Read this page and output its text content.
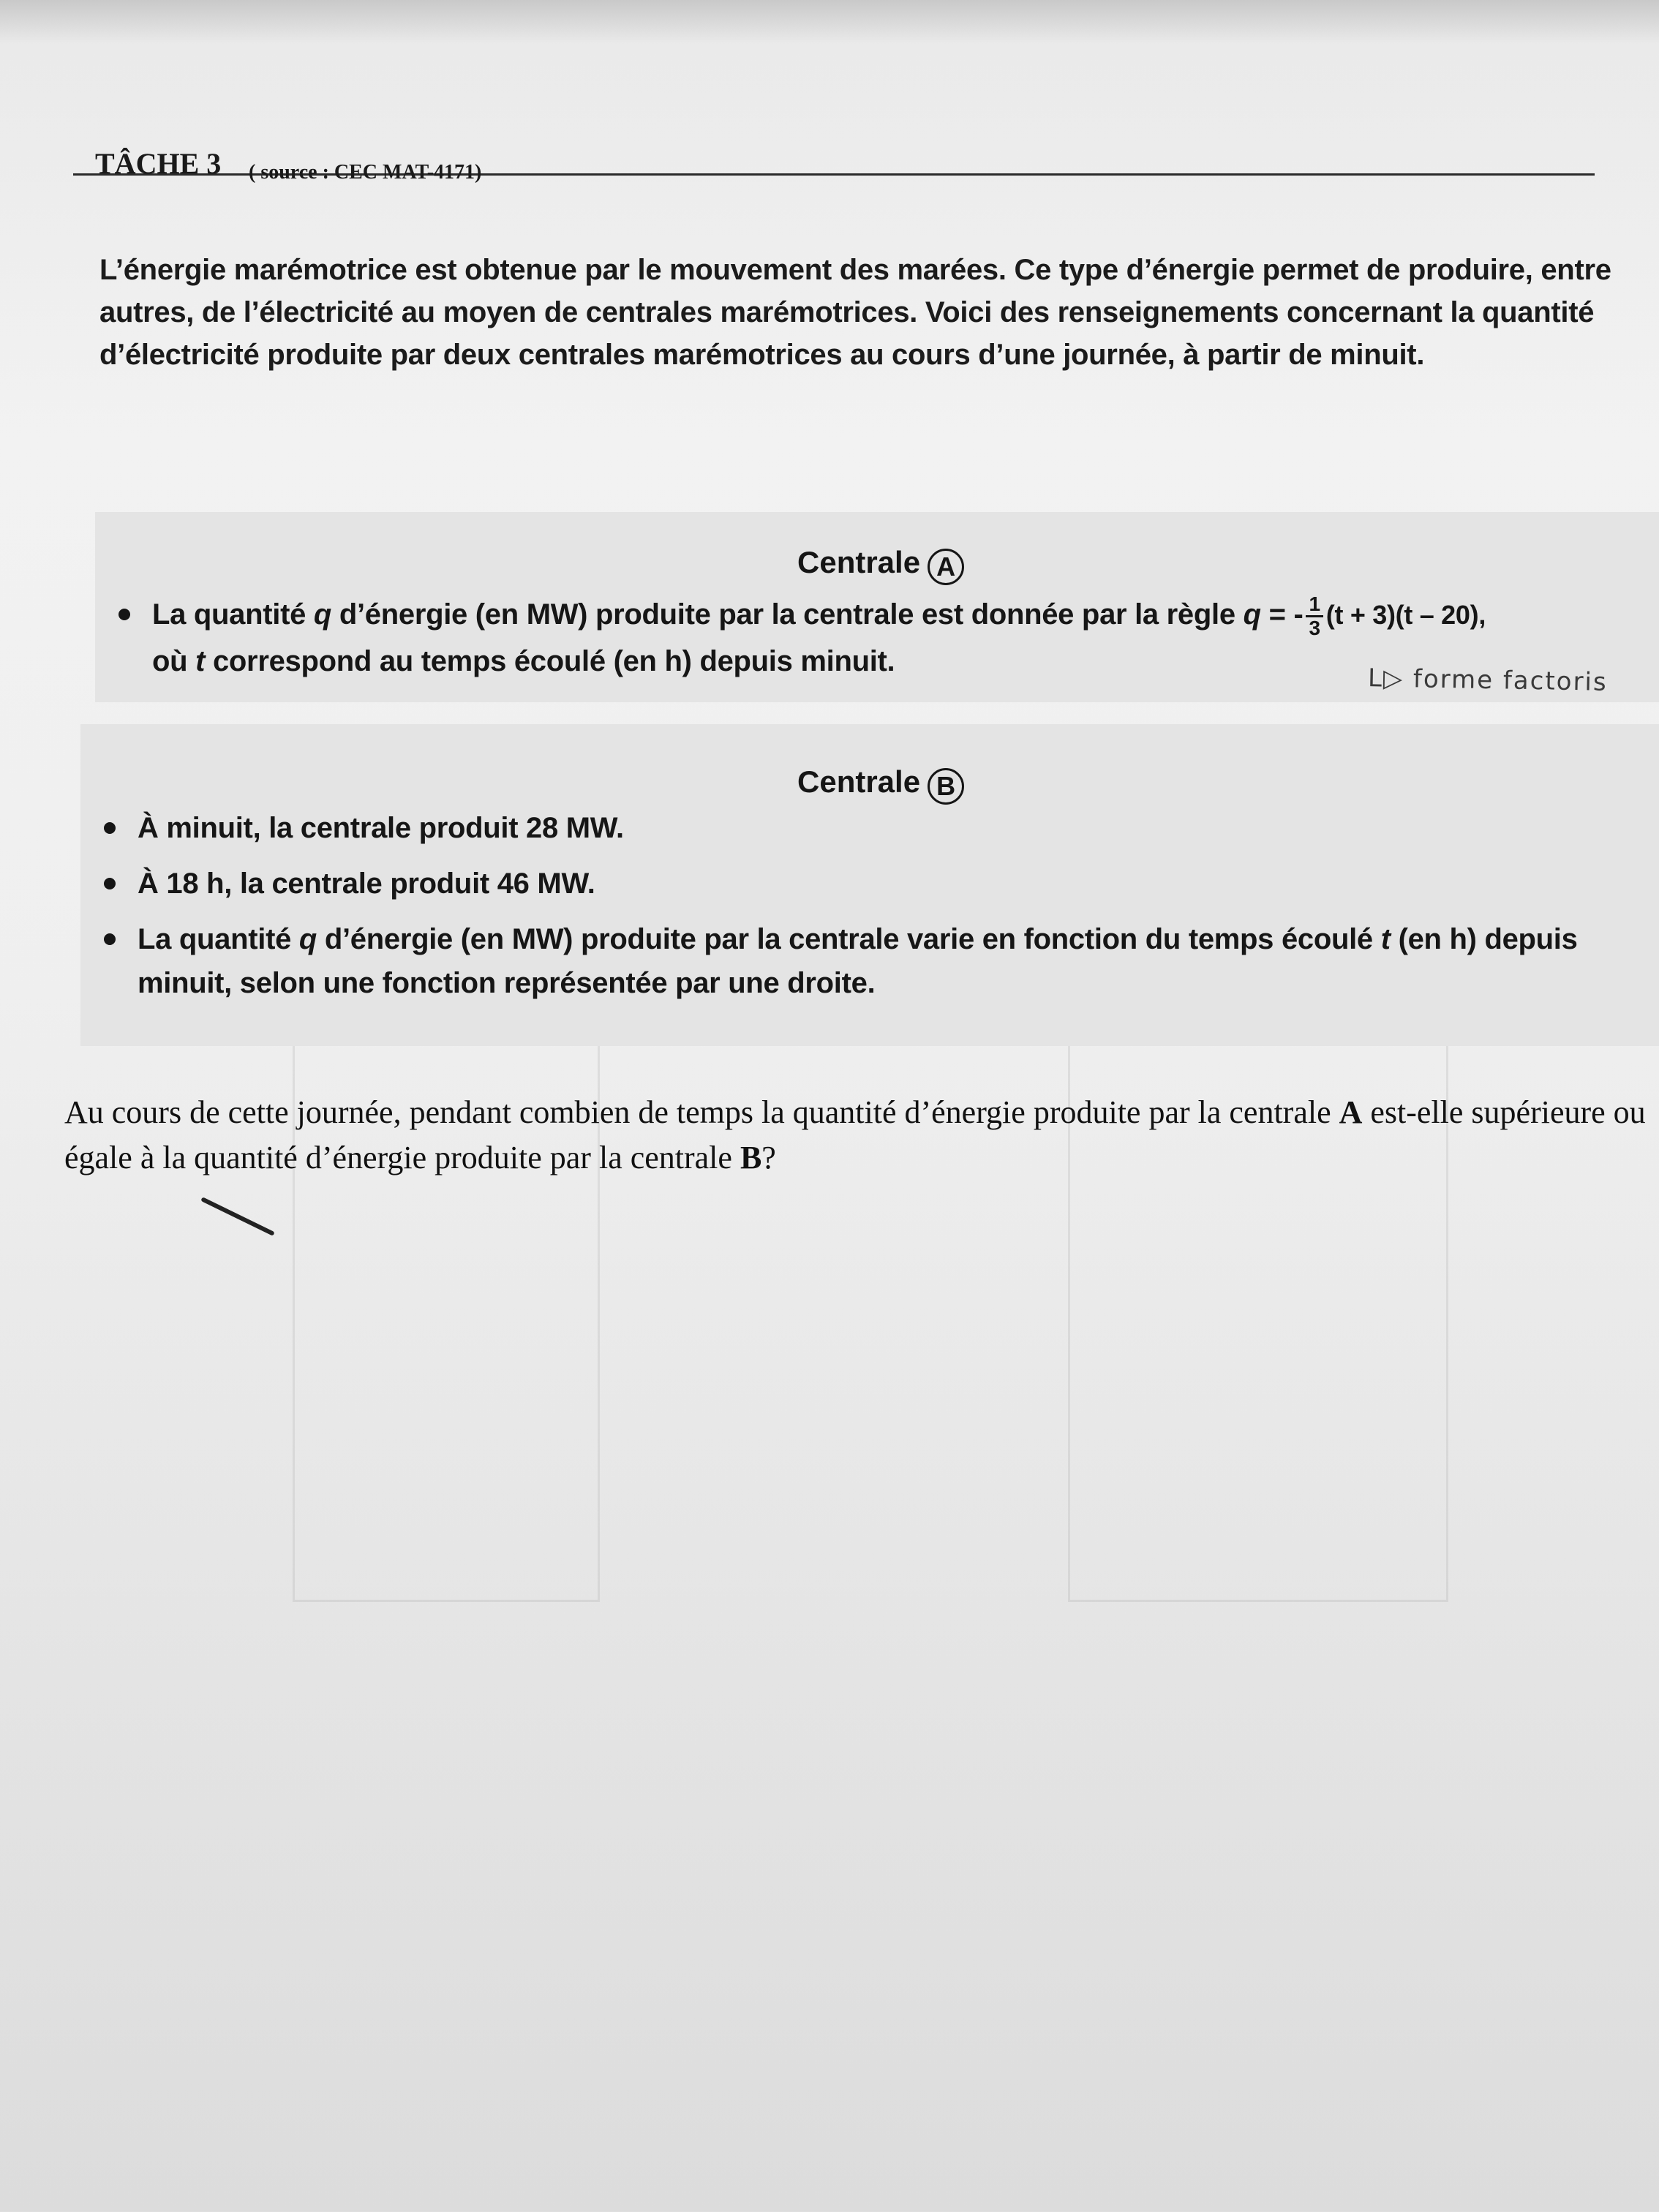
TÂCHE 3 ( source : CEC MAT-4171)

L’énergie marémotrice est obtenue par le mouvement des marées. Ce type d’énergie permet de produire, entre autres, de l’électricité au moyen de centrales marémotrices. Voici des renseignements concernant la quantité d’électricité produite par deux centrales marémotrices au cours d’une journée, à partir de minuit.

Centrale A
La quantité q d’énergie (en MW) produite par la centrale est donnée par la règle q = - $\frac{1}{3} (t + 3)(t - 20)$,
où t correspond au temps écoulé (en h) depuis minuit.
L▷ forme factoris
Centrale B
À minuit, la centrale produit 28 MW.
À 18 h, la centrale produit 46 MW.
La quantité q d’énergie (en MW) produite par la centrale varie en fonction du temps écoulé t (en h) depuis minuit, selon une fonction représentée par une droite.

Au cours de cette journée, pendant combien de temps la quantité d’énergie produite par la centrale A est-elle supérieure ou égale à la quantité d’énergie produite par la centrale B?
